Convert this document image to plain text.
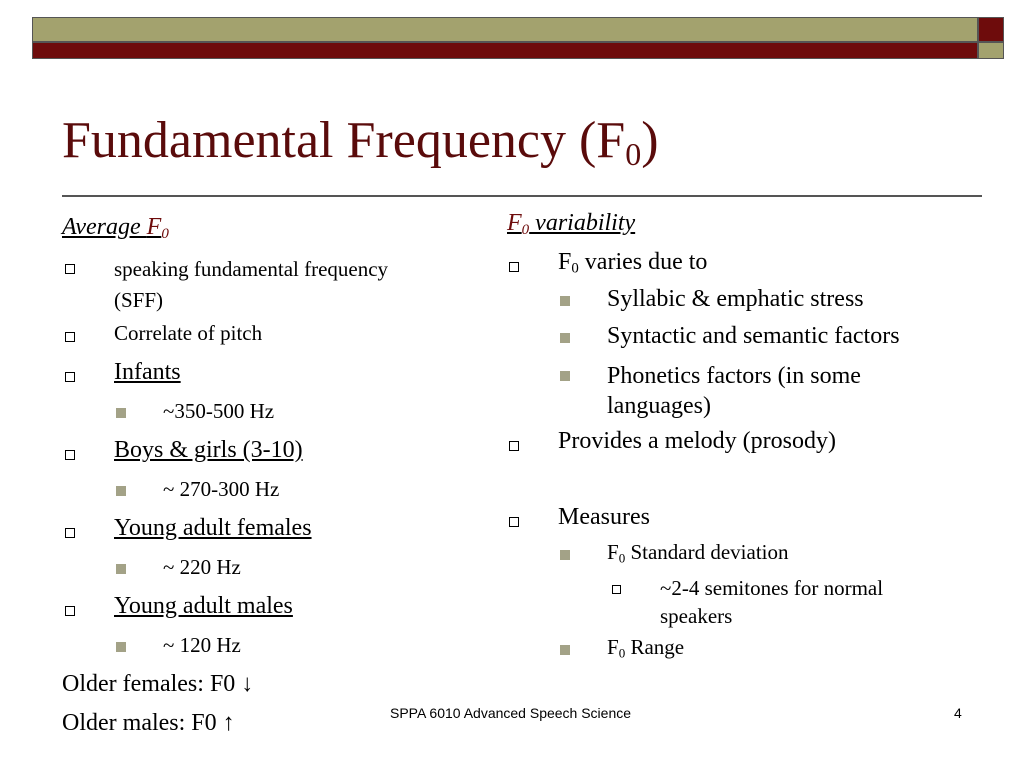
Fundamental Frequency $(F_0)$
Average $F_0$
speaking fundamental frequency
(SFF)
Correlate of pitch
Infants
~350-500 Hz
Boys & girls (3-10)
~ 270-300 Hz
Young adult females
~ 220 Hz
Young adult males
~ 120 Hz
Older females: F0 ↓
Older males: F0 ↑
$F_0$ variability
$F_0$ varies due to
Syllabic & emphatic stress
Syntactic and semantic factors
Phonetics factors (in some
languages)
Provides a melody (prosody)
Measures
$F_0$ Standard deviation
~2-4 semitones for normal
speakers
$F_0$ Range
SPPA 6010 Advanced Speech Science	4
